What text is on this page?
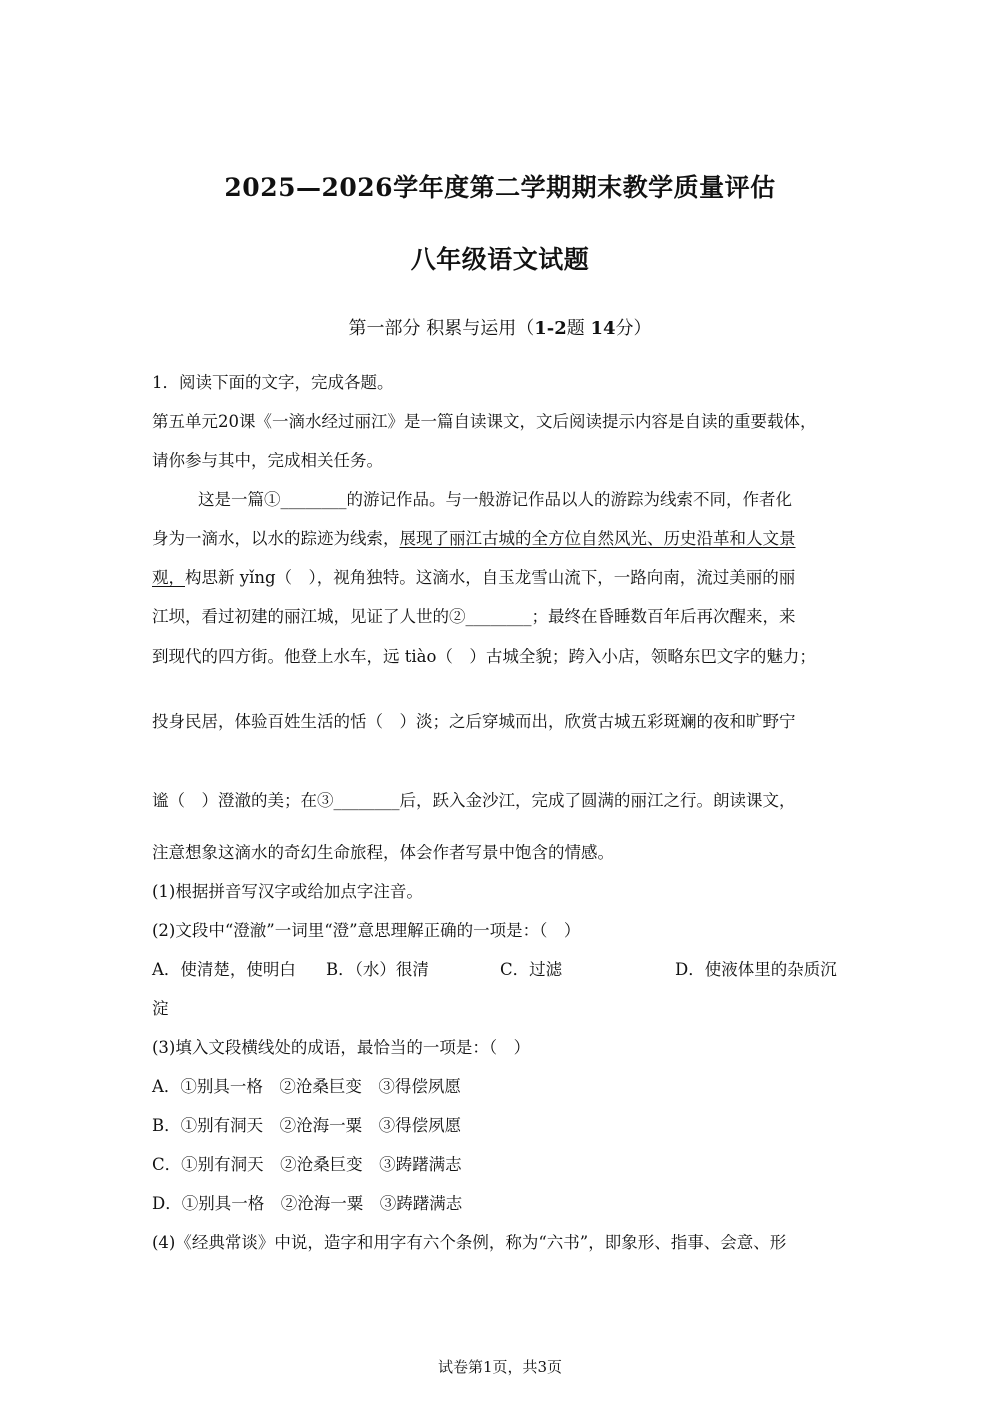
2025—2026学年度第二学期期末教学质量评估
八年级语文试题
第一部分 积累与运用（1-2题 14分）
1．阅读下面的文字，完成各题。
第五单元20课《一滴水经过丽江》是一篇自读课文，文后阅读提示内容是自读的重要载体，
请你参与其中，完成相关任务。
这是一篇①________的游记作品。与一般游记作品以人的游踪为线索不同，作者化
身为一滴水，以水的踪迹为线索，展现了丽江古城的全方位自然风光、历史沿革和人文景
观，构思新 yǐng（　），视角独特。这滴水，自玉龙雪山流下，一路向南，流过美丽的丽
江坝，看过初建的丽江城，见证了人世的②________；最终在昏睡数百年后再次醒来，来
到现代的四方街。他登上水车，远 tiào（　）古城全貌；跨入小店，领略东巴文字的魅力；
投身民居，体验百姓生活的恬（　）淡；之后穿城而出，欣赏古城五彩斑斓的夜和旷野宁
谧（　）澄澈的美；在③________后，跃入金沙江，完成了圆满的丽江之行。朗读课文，
注意想象这滴水的奇幻生命旅程，体会作者写景中饱含的情感。
(1)根据拼音写汉字或给加点字注音。
(2)文段中“澄澈”一词里“澄”意思理解正确的一项是：（　）
A．使清楚，使明白	B．（水）很清	C．过滤	D．使液体里的杂质沉
淀
(3)填入文段横线处的成语，最恰当的一项是：（　）
A．①别具一格　②沧桑巨变　③得偿夙愿
B．①别有洞天　②沧海一粟　③得偿夙愿
C．①别有洞天　②沧桑巨变　③踌躇满志
D．①别具一格　②沧海一粟　③踌躇满志
(4)《经典常谈》中说，造字和用字有六个条例，称为“六书”，即象形、指事、会意、形
试卷第1页，共3页
